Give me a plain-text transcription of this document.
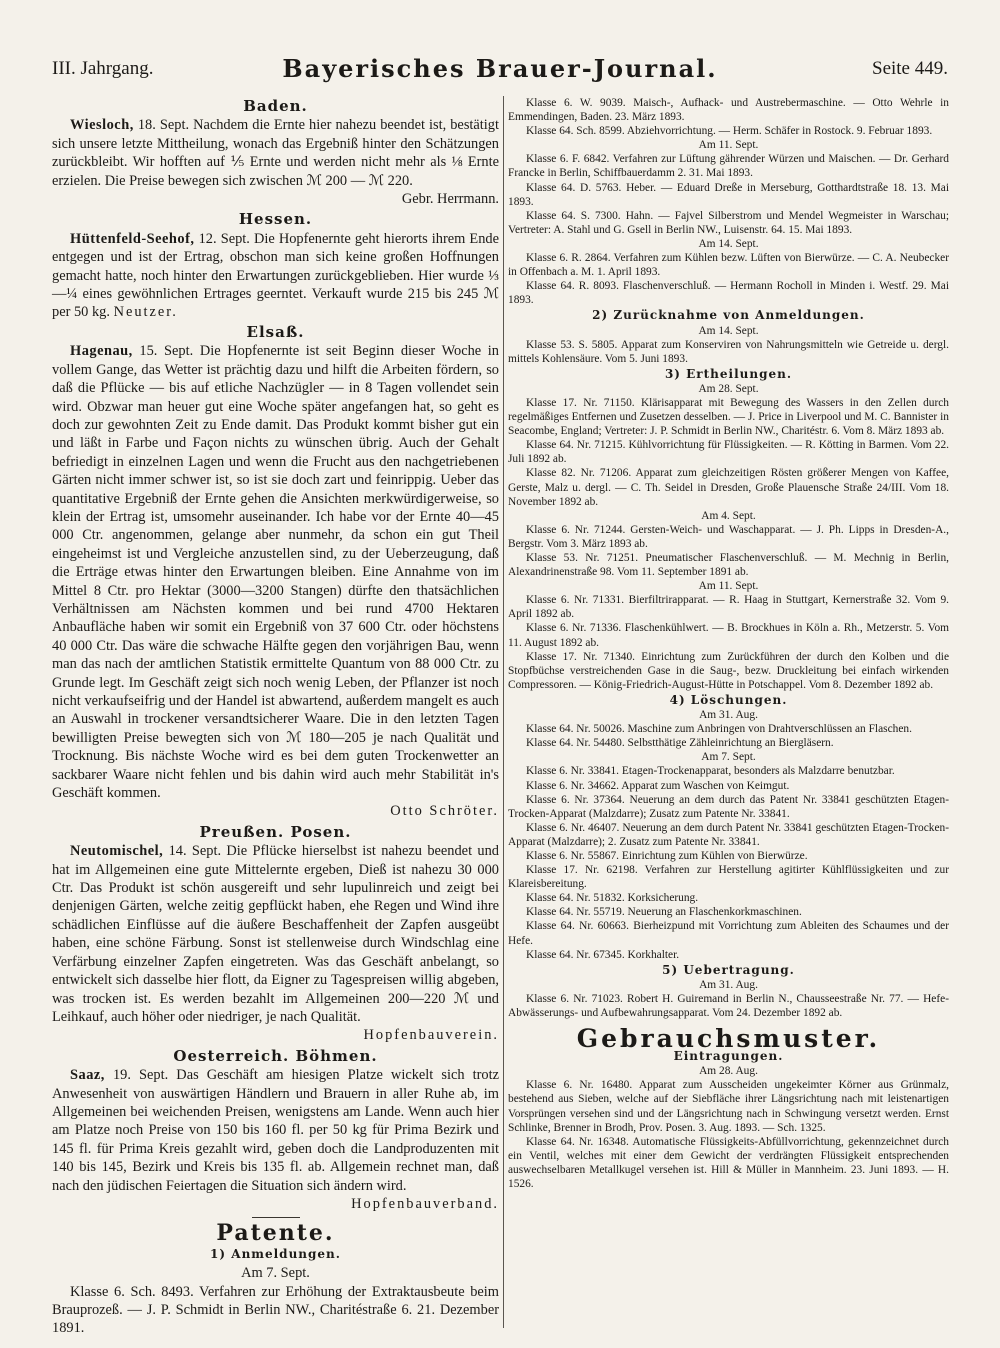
III. Jahrgang.	Bayerisches Brauer-Journal.	Seite 449.
Baden.

Wiesloch, 18. Sept. Nachdem die Ernte hier nahezu beendet ist, bestätigt sich unsere letzte Mittheilung, wonach das Ergebniß hinter den Schätzungen zurückbleibt. Wir hofften auf ⅕ Ernte und werden nicht mehr als ⅛ Ernte erzielen. Die Preise bewegen sich zwischen ℳ 200 — ℳ 220.

Gebr. Herrmann.
Hessen.

Hüttenfeld-Seehof, 12. Sept. Die Hopfenernte geht hierorts ihrem Ende entgegen und ist der Ertrag, obschon man sich keine großen Hoffnungen gemacht hatte, noch hinter den Erwartungen zurückgeblieben. Hier wurde ⅓—¼ eines gewöhnlichen Ertrages geerntet. Verkauft wurde 215 bis 245 ℳ per 50 kg. Neutzer.

Elsaß.

Hagenau, 15. Sept. Die Hopfenernte ist seit Beginn dieser Woche in vollem Gange, das Wetter ist prächtig dazu und hilft die Arbeiten fördern, so daß die Pflücke — bis auf etliche Nachzügler — in 8 Tagen vollendet sein wird. Obzwar man heuer gut eine Woche später angefangen hat, so geht es doch zur gewohnten Zeit zu Ende damit. Das Produkt kommt bisher gut ein und läßt in Farbe und Façon nichts zu wünschen übrig. Auch der Gehalt befriedigt in einzelnen Lagen und wenn die Frucht aus den nachgetriebenen Gärten nicht immer schwer ist, so ist sie doch zart und feinrippig. Ueber das quantitative Ergebniß der Ernte gehen die Ansichten merkwürdigerweise, so klein der Ertrag ist, umsomehr auseinander. Ich habe vor der Ernte 40—45 000 Ctr. angenommen, gelange aber nunmehr, da schon ein gut Theil eingeheimst ist und Vergleiche anzustellen sind, zu der Ueberzeugung, daß die Erträge etwas hinter den Erwartungen bleiben. Eine Annahme von im Mittel 8 Ctr. pro Hektar (3000—3200 Stangen) dürfte den thatsächlichen Verhältnissen am Nächsten kommen und bei rund 4700 Hektaren Anbaufläche haben wir somit ein Ergebniß von 37 600 Ctr. oder höchstens 40 000 Ctr. Das wäre die schwache Hälfte gegen den vorjährigen Bau, wenn man das nach der amtlichen Statistik ermittelte Quantum von 88 000 Ctr. zu Grunde legt. Im Geschäft zeigt sich noch wenig Leben, der Pflanzer ist noch nicht verkaufseifrig und der Handel ist abwartend, außerdem mangelt es auch an Auswahl in trockener versandtsicherer Waare. Die in den letzten Tagen bewilligten Preise bewegten sich von ℳ 180—205 je nach Qualität und Trocknung. Bis nächste Woche wird es bei dem guten Trockenwetter an sackbarer Waare nicht fehlen und bis dahin wird auch mehr Stabilität in's Geschäft kommen.

Otto Schröter.
Preußen. Posen.

Neutomischel, 14. Sept. Die Pflücke hierselbst ist nahezu beendet und hat im Allgemeinen eine gute Mittelernte ergeben, Dieß ist nahezu 30 000 Ctr. Das Produkt ist schön ausgereift und sehr lupulinreich und zeigt bei denjenigen Gärten, welche zeitig gepflückt haben, ehe Regen und Wind ihre schädlichen Einflüsse auf die äußere Beschaffenheit der Zapfen ausgeübt haben, eine schöne Färbung. Sonst ist stellenweise durch Windschlag eine Verfärbung einzelner Zapfen eingetreten. Was das Geschäft anbelangt, so entwickelt sich dasselbe hier flott, da Eigner zu Tagespreisen willig abgeben, was trocken ist. Es werden bezahlt im Allgemeinen 200—220 ℳ und Leihkauf, auch höher oder niedriger, je nach Qualität.

Hopfenbauverein.
Oesterreich. Böhmen.

Saaz, 19. Sept. Das Geschäft am hiesigen Platze wickelt sich trotz Anwesenheit von auswärtigen Händlern und Brauern in aller Ruhe ab, im Allgemeinen bei weichenden Preisen, wenigstens am Lande. Wenn auch hier am Platze noch Preise von 150 bis 160 fl. per 50 kg für Prima Bezirk und 145 fl. für Prima Kreis gezahlt wird, geben doch die Landproduzenten mit 140 bis 145, Bezirk und Kreis bis 135 fl. ab. Allgemein rechnet man, daß nach den jüdischen Feiertagen die Situation sich ändern wird.

Hopfenbauverband.
Patente.
1) Anmeldungen.
Am 7. Sept.

Klasse 6. Sch. 8493. Verfahren zur Erhöhung der Extraktausbeute beim Brauprozeß. — J. P. Schmidt in Berlin NW., Charitéstraße 6. 21. Dezember 1891.

Klasse 6. W. 9039. Maisch-, Aufhack- und Austrebermaschine. — Otto Wehrle in Emmendingen, Baden. 23. März 1893.

Klasse 64. Sch. 8599. Abziehvorrichtung. — Herm. Schäfer in Rostock. 9. Februar 1893.

Am 11. Sept.

Klasse 6. F. 6842. Verfahren zur Lüftung gährender Würzen und Maischen. — Dr. Gerhard Francke in Berlin, Schiffbauerdamm 2. 31. Mai 1893.

Klasse 64. D. 5763. Heber. — Eduard Dreße in Merseburg, Gotthardtstraße 18. 13. Mai 1893.

Klasse 64. S. 7300. Hahn. — Fajvel Silberstrom und Mendel Wegmeister in Warschau; Vertreter: A. Stahl und G. Gsell in Berlin NW., Luisenstr. 64. 15. Mai 1893.

Am 14. Sept.

Klasse 6. R. 2864. Verfahren zum Kühlen bezw. Lüften von Bierwürze. — C. A. Neubecker in Offenbach a. M. 1. April 1893.

Klasse 64. R. 8093. Flaschenverschluß. — Hermann Rocholl in Minden i. Westf. 29. Mai 1893.

2) Zurücknahme von Anmeldungen.
Am 14. Sept.

Klasse 53. S. 5805. Apparat zum Konserviren von Nahrungsmitteln wie Getreide u. dergl. mittels Kohlensäure. Vom 5. Juni 1893.

3) Ertheilungen.
Am 28. Sept.

Klasse 17. Nr. 71150. Klärisapparat mit Bewegung des Wassers in den Zellen durch regelmäßiges Entfernen und Zusetzen desselben. — J. Price in Liverpool und M. C. Bannister in Seacombe, England; Vertreter: J. P. Schmidt in Berlin NW., Charitéstr. 6. Vom 8. März 1893 ab.

Klasse 64. Nr. 71215. Kühlvorrichtung für Flüssigkeiten. — R. Kötting in Barmen. Vom 22. Juli 1892 ab.

Klasse 82. Nr. 71206. Apparat zum gleichzeitigen Rösten größerer Mengen von Kaffee, Gerste, Malz u. dergl. — C. Th. Seidel in Dresden, Große Plauensche Straße 24/III. Vom 18. November 1892 ab.

Am 4. Sept.

Klasse 6. Nr. 71244. Gersten-Weich- und Waschapparat. — J. Ph. Lipps in Dresden-A., Bergstr. Vom 3. März 1893 ab.

Klasse 53. Nr. 71251. Pneumatischer Flaschenverschluß. — M. Mechnig in Berlin, Alexandrinenstraße 98. Vom 11. September 1891 ab.

Am 11. Sept.

Klasse 6. Nr. 71331. Bierfiltrirapparat. — R. Haag in Stuttgart, Kernerstraße 32. Vom 9. April 1892 ab.

Klasse 6. Nr. 71336. Flaschenkühlwert. — B. Brockhues in Köln a. Rh., Metzerstr. 5. Vom 11. August 1892 ab.

Klasse 17. Nr. 71340. Einrichtung zum Zurückführen der durch den Kolben und die Stopfbüchse verstreichenden Gase in die Saug-, bezw. Druckleitung bei einfach wirkenden Compressoren. — König-Friedrich-August-Hütte in Potschappel. Vom 8. Dezember 1892 ab.

4) Löschungen.
Am 31. Aug.

Klasse 64. Nr. 50026. Maschine zum Anbringen von Drahtverschlüssen an Flaschen.

Klasse 64. Nr. 54480. Selbstthätige Zähleinrichtung an Biergläsern.

Am 7. Sept.

Klasse 6. Nr. 33841. Etagen-Trockenapparat, besonders als Malzdarre benutzbar.

Klasse 6. Nr. 34662. Apparat zum Waschen von Keimgut.

Klasse 6. Nr. 37364. Neuerung an dem durch das Patent Nr. 33841 geschützten Etagen-Trocken-Apparat (Malzdarre); Zusatz zum Patente Nr. 33841.

Klasse 6. Nr. 46407. Neuerung an dem durch Patent Nr. 33841 geschützten Etagen-Trocken-Apparat (Malzdarre); 2. Zusatz zum Patente Nr. 33841.

Klasse 6. Nr. 55867. Einrichtung zum Kühlen von Bierwürze.

Klasse 17. Nr. 62198. Verfahren zur Herstellung agitirter Kühlflüssigkeiten und zur Klareisbereitung.

Klasse 64. Nr. 51832. Korksicherung.

Klasse 64. Nr. 55719. Neuerung an Flaschenkorkmaschinen.

Klasse 64. Nr. 60663. Bierheizpund mit Vorrichtung zum Ableiten des Schaumes und der Hefe.

Klasse 64. Nr. 67345. Korkhalter.

5) Uebertragung.
Am 31. Aug.

Klasse 6. Nr. 71023. Robert H. Guiremand in Berlin N., Chausseestraße Nr. 77. — Hefe-Abwässerungs- und Aufbewahrungsapparat. Vom 24. Dezember 1892 ab.

Gebrauchsmuster.
Eintragungen.
Am 28. Aug.

Klasse 6. Nr. 16480. Apparat zum Ausscheiden ungekeimter Körner aus Grünmalz, bestehend aus Sieben, welche auf der Siebfläche ihrer Längsrichtung nach mit leistenartigen Vorsprüngen versehen sind und der Längsrichtung nach in Schwingung versetzt werden. Ernst Schlinke, Brenner in Brodh, Prov. Posen. 3. Aug. 1893. — Sch. 1325.

Klasse 64. Nr. 16348. Automatische Flüssigkeits-Abfüllvorrichtung, gekennzeichnet durch ein Ventil, welches mit einer dem Gewicht der verdrängten Flüssigkeit entsprechenden auswechselbaren Metallkugel versehen ist. Hill & Müller in Mannheim. 23. Juni 1893. — H. 1526.
